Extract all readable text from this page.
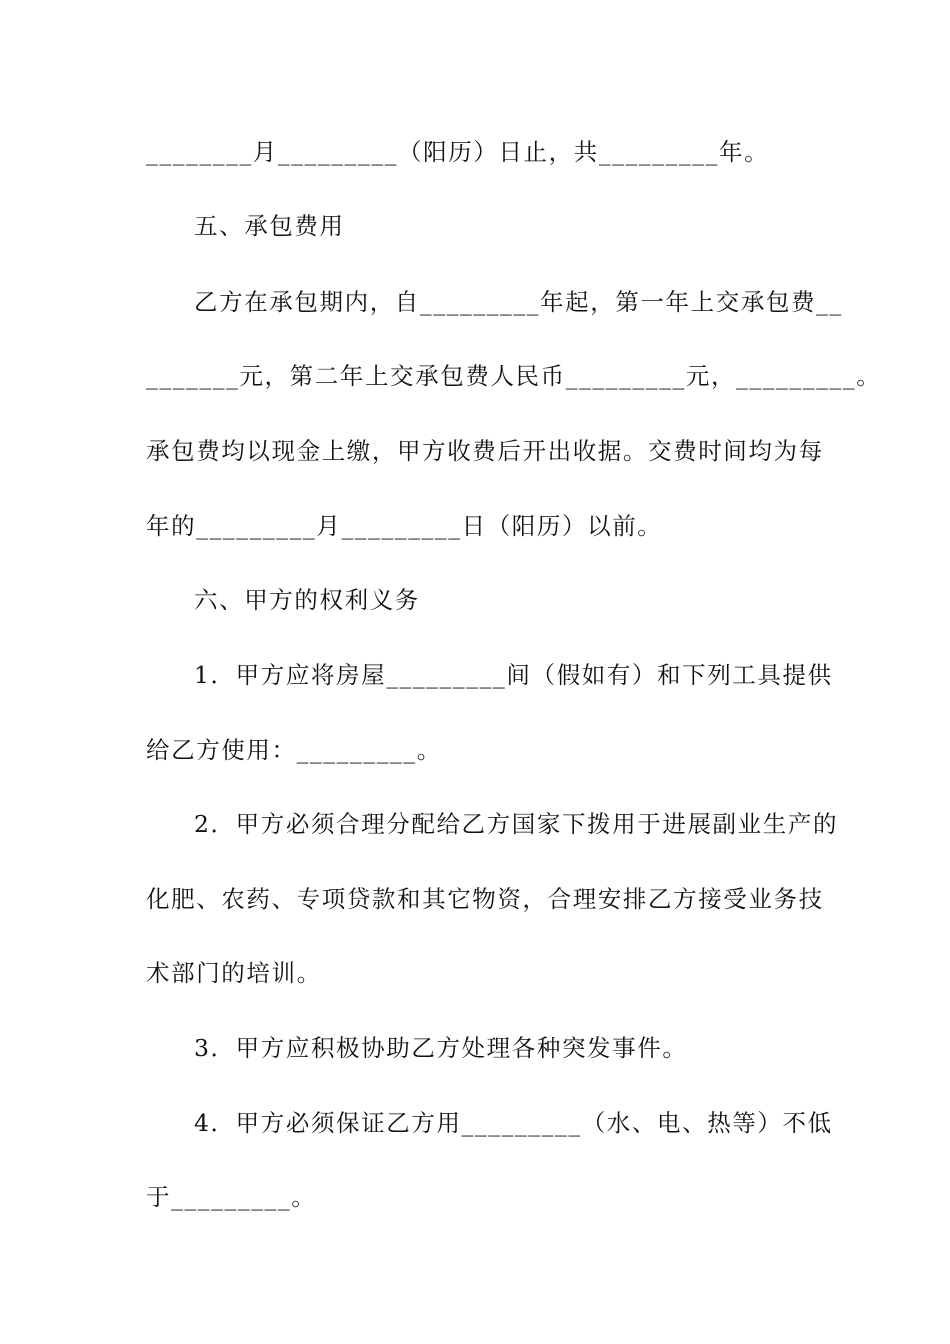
________月_________（阳历）日止，共_________年。

五、承包费用

乙方在承包期内，自_________年起，第一年上交承包费__

_______元，第二年上交承包费人民币_________元，_________。

承包费均以现金上缴，甲方收费后开出收据。交费时间均为每

年的_________月_________日（阳历）以前。

六、甲方的权利义务

1．甲方应将房屋_________间（假如有）和下列工具提供

给乙方使用：_________。

2．甲方必须合理分配给乙方国家下拨用于进展副业生产的

化肥、农药、专项贷款和其它物资，合理安排乙方接受业务技

术部门的培训。

3．甲方应积极协助乙方处理各种突发事件。

4．甲方必须保证乙方用_________（水、电、热等）不低

于_________。
